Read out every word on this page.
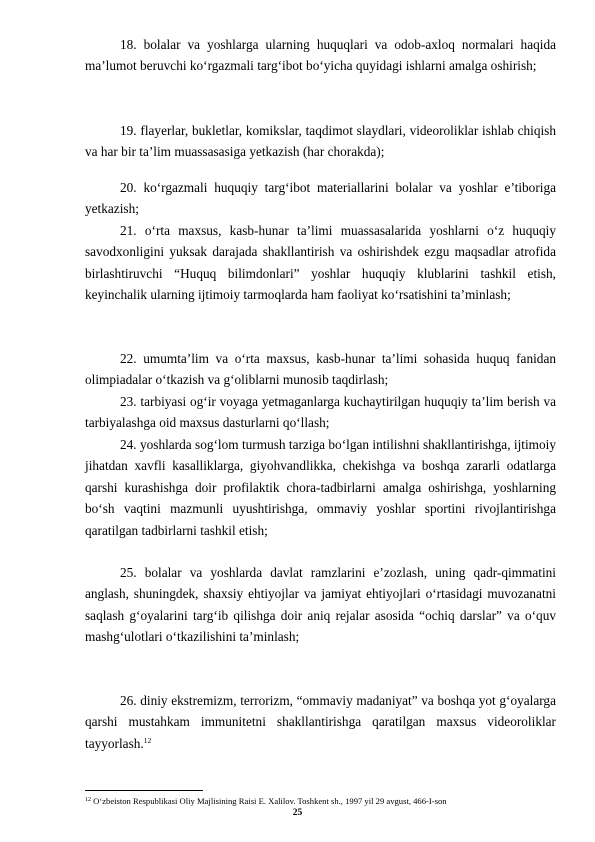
18. bolalar va yoshlarga ularning huquqlari va odob-axloq normalari haqida ma’lumot beruvchi ko‘rgazmali targ‘ibot bo‘yicha quyidagi ishlarni amalga oshirish;

19. flayerlar, bukletlar, komikslar, taqdimot slaydlari, videoroliklar ishlab chiqish va har bir ta’lim muassasasiga yetkazish (har chorakda);

20. ko‘rgazmali huquqiy targ‘ibot materiallarini bolalar va yoshlar e’tiboriga yetkazish;

21. o‘rta maxsus, kasb-hunar ta’limi muassasalarida yoshlarni o‘z huquqiy savodxonligini yuksak darajada shakllantirish va oshirishdek ezgu maqsadlar atrofida birlashtiruvchi “Huquq bilimdonlari” yoshlar huquqiy klublarini tashkil etish, keyinchalik ularning ijtimoiy tarmoqlarda ham faoliyat ko‘rsatishini ta’minlash;

22. umumta’lim va o‘rta maxsus, kasb-hunar ta’limi sohasida huquq fanidan olimpiadalar o‘tkazish va g‘oliblarni munosib taqdirlash;

23. tarbiyasi og‘ir voyaga yetmaganlarga kuchaytirilgan huquqiy ta’lim berish va tarbiyalashga oid maxsus dasturlarni qo‘llash;

24. yoshlarda sog‘lom turmush tarziga bo‘lgan intilishni shakllantirishga, ijtimoiy jihatdan xavfli kasalliklarga, giyohvandlikka, chekishga va boshqa zararli odatlarga qarshi kurashishga doir profilaktik chora-tadbirlarni amalga oshirishga, yoshlarning bo‘sh vaqtini mazmunli uyushtirishga, ommaviy yoshlar sportini rivojlantirishga qaratilgan tadbirlarni tashkil etish;

25. bolalar va yoshlarda davlat ramzlarini e’zozlash, uning qadr-qimmatini anglash, shuningdek, shaxsiy ehtiyojlar va jamiyat ehtiyojlari o‘rtasidagi muvozanatni saqlash g‘oyalarini targ‘ib qilishga doir aniq rejalar asosida “ochiq darslar” va o‘quv mashg‘ulotlari o‘tkazilishini ta’minlash;

26. diniy ekstremizm, terrorizm, “ommaviy madaniyat” va boshqa yot g‘oyalarga qarshi mustahkam immunitetni shakllantirishga qaratilgan maxsus videoroliklar tayyorlash.$^{12}$

$^{12}$ O‘zbeiston Respublikasi Oliy Majlisining Raisi E. Xalilov. Toshkent sh., 1997 yil 29 avgust, 466-I-son

25
